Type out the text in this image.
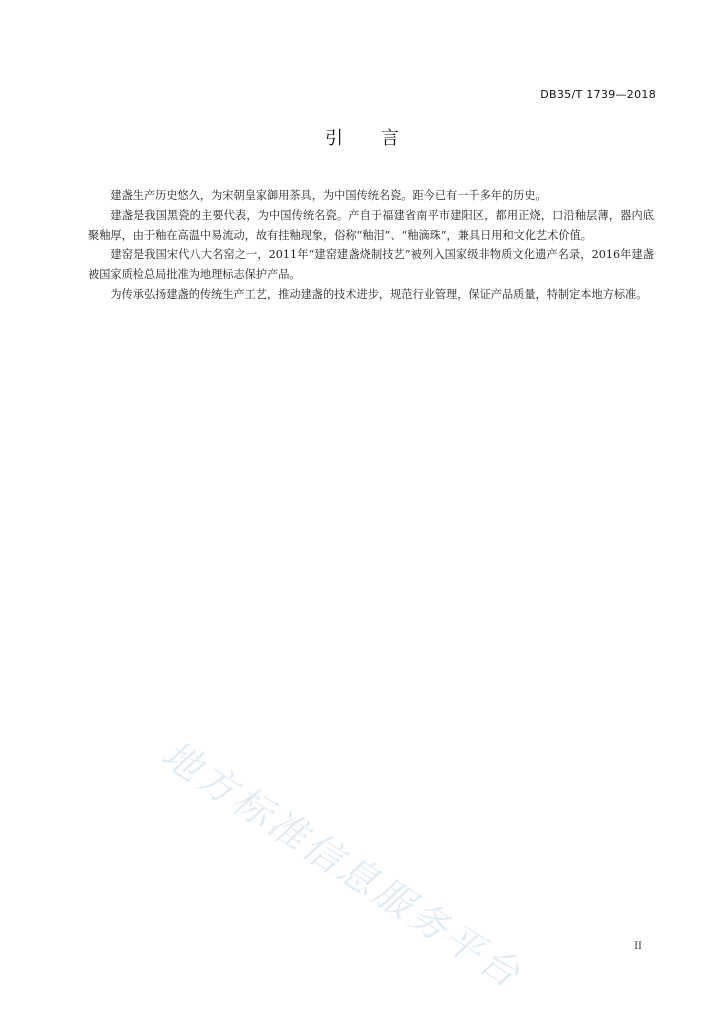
DB35/T 1739—2018
引言

建盏生产历史悠久，为宋朝皇家御用茶具，为中国传统名瓷。距今已有一千多年的历史。

建盏是我国黑瓷的主要代表，为中国传统名瓷。产自于福建省南平市建阳区，都用正烧，口沿釉层薄，器内底聚釉厚，由于釉在高温中易流动，故有挂釉现象，俗称“釉泪”、“釉滴珠”，兼具日用和文化艺术价值。

建窑是我国宋代八大名窑之一，2011年“建窑建盏烧制技艺”被列入国家级非物质文化遗产名录，2016年建盏被国家质检总局批准为地理标志保护产品。

为传承弘扬建盏的传统生产工艺，推动建盏的技术进步，规范行业管理，保证产品质量，特制定本地方标准。

地方标准信息服务平台	II
